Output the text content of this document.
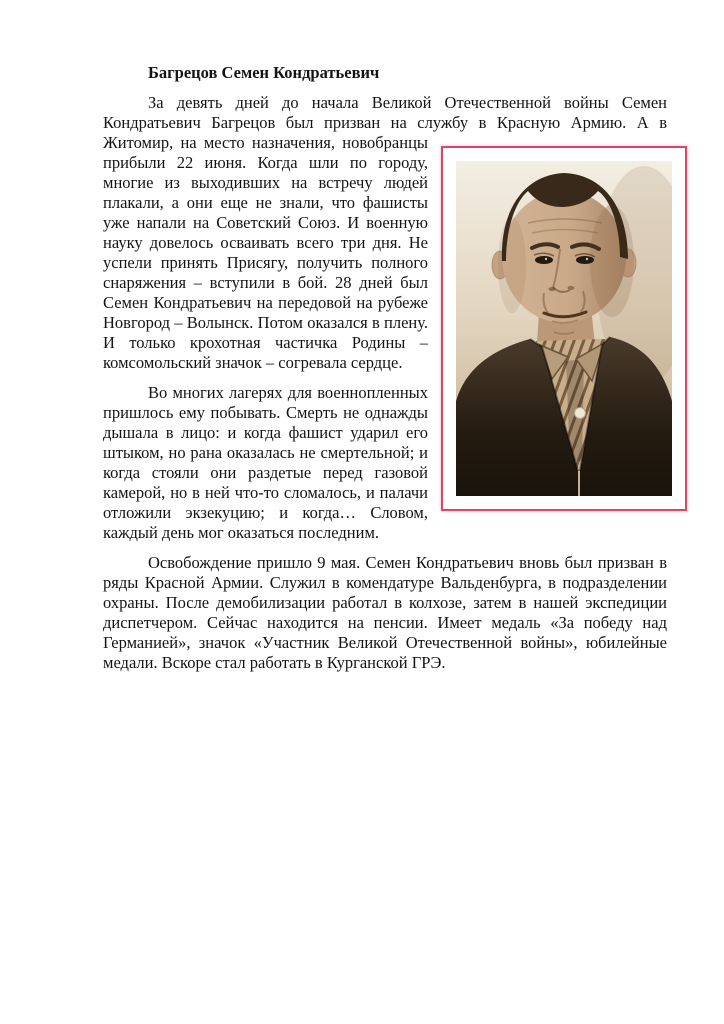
Багрецов Семен Кондратьевич

За девять дней до начала Великой Отечественной войны Семен Кондратьевич Багрецов был призван на службу в Красную Армию. А в
Житомир, на место назначения, новобранцы прибыли 22 июня. Когда шли по городу, многие из выходивших на встречу людей плакали, а они еще не знали, что фашисты уже напали на Советский Союз. И военную науку довелось осваивать всего три дня. Не успели принять Присягу, получить полного снаряжения – вступили в бой. 28 дней был Семен Кондратьевич на передовой на рубеже Новгород – Волынск. Потом оказался в плену. И только крохотная частичка Родины – комсомольский значок – согревала сердце.

Во многих лагерях для военнопленных пришлось ему побывать. Смерть не однажды дышала в лицо: и когда фашист ударил его штыком, но рана оказалась не смертельной; и когда стояли они раздетые перед газовой камерой, но в ней что-то сломалось, и палачи отложили экзекуцию; и когда… Словом, каждый день мог оказаться последним.

Освобождение пришло 9 мая. Семен Кондратьевич вновь был призван в ряды Красной Армии. Служил в комендатуре Вальденбурга, в подразделении охраны. После демобилизации работал в колхозе, затем в нашей экспедиции диспетчером. Сейчас находится на пенсии. Имеет медаль «За победу над Германией», значок «Участник Великой Отечественной войны», юбилейные медали. Вскоре стал работать в Курганской ГРЭ.
